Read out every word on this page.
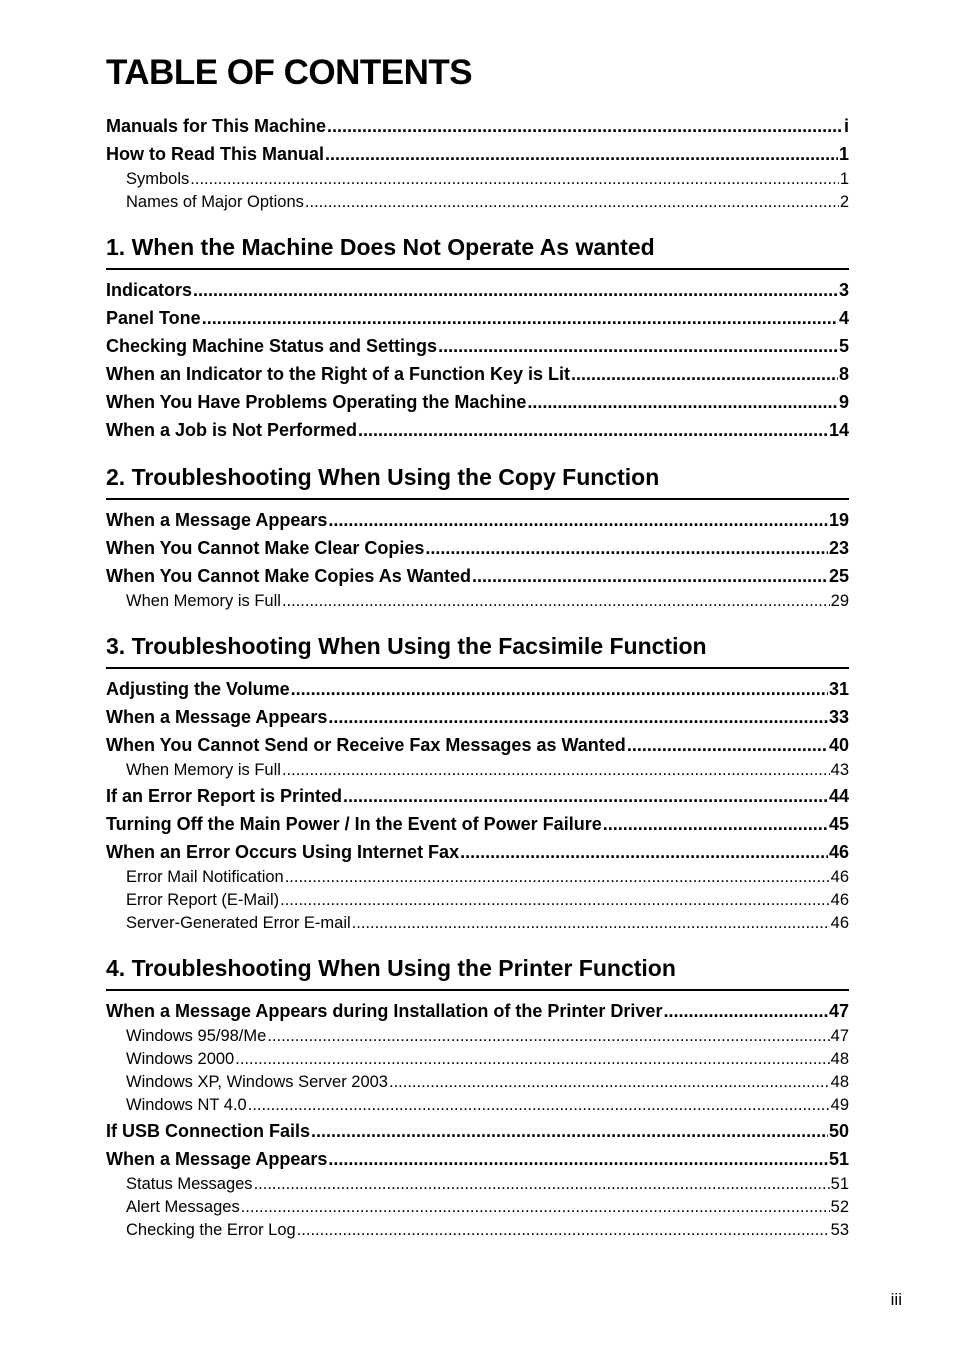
TABLE OF CONTENTS
Manuals for This Machine .....	i
How to Read This Manual .....	1
Symbols .....	1
Names of Major Options .....	2
1. When the Machine Does Not Operate As wanted
Indicators .....	3
Panel Tone .....	4
Checking Machine Status and Settings .....	5
When an Indicator to the Right of a Function Key is Lit .....	8
When You Have Problems Operating the Machine .....	9
When a Job is Not Performed .....	14
2. Troubleshooting When Using the Copy Function
When a Message Appears .....	19
When You Cannot Make Clear Copies .....	23
When You Cannot Make Copies As Wanted .....	25
When Memory is Full .....	29
3. Troubleshooting When Using the Facsimile Function
Adjusting the Volume .....	31
When a Message Appears .....	33
When You Cannot Send or Receive Fax Messages as Wanted .....	40
When Memory is Full .....	43
If an Error Report is Printed .....	44
Turning Off the Main Power / In the Event of Power Failure .....	45
When an Error Occurs Using Internet Fax .....	46
Error Mail Notification .....	46
Error Report (E-Mail) .....	46
Server-Generated Error E-mail .....	46
4. Troubleshooting When Using the Printer Function
When a Message Appears during Installation of the Printer Driver .....	47
Windows 95/98/Me .....	47
Windows 2000 .....	48
Windows XP, Windows Server 2003 .....	48
Windows NT 4.0 .....	49
If USB Connection Fails .....	50
When a Message Appears .....	51
Status Messages .....	51
Alert Messages .....	52
Checking the Error Log .....	53
iii
